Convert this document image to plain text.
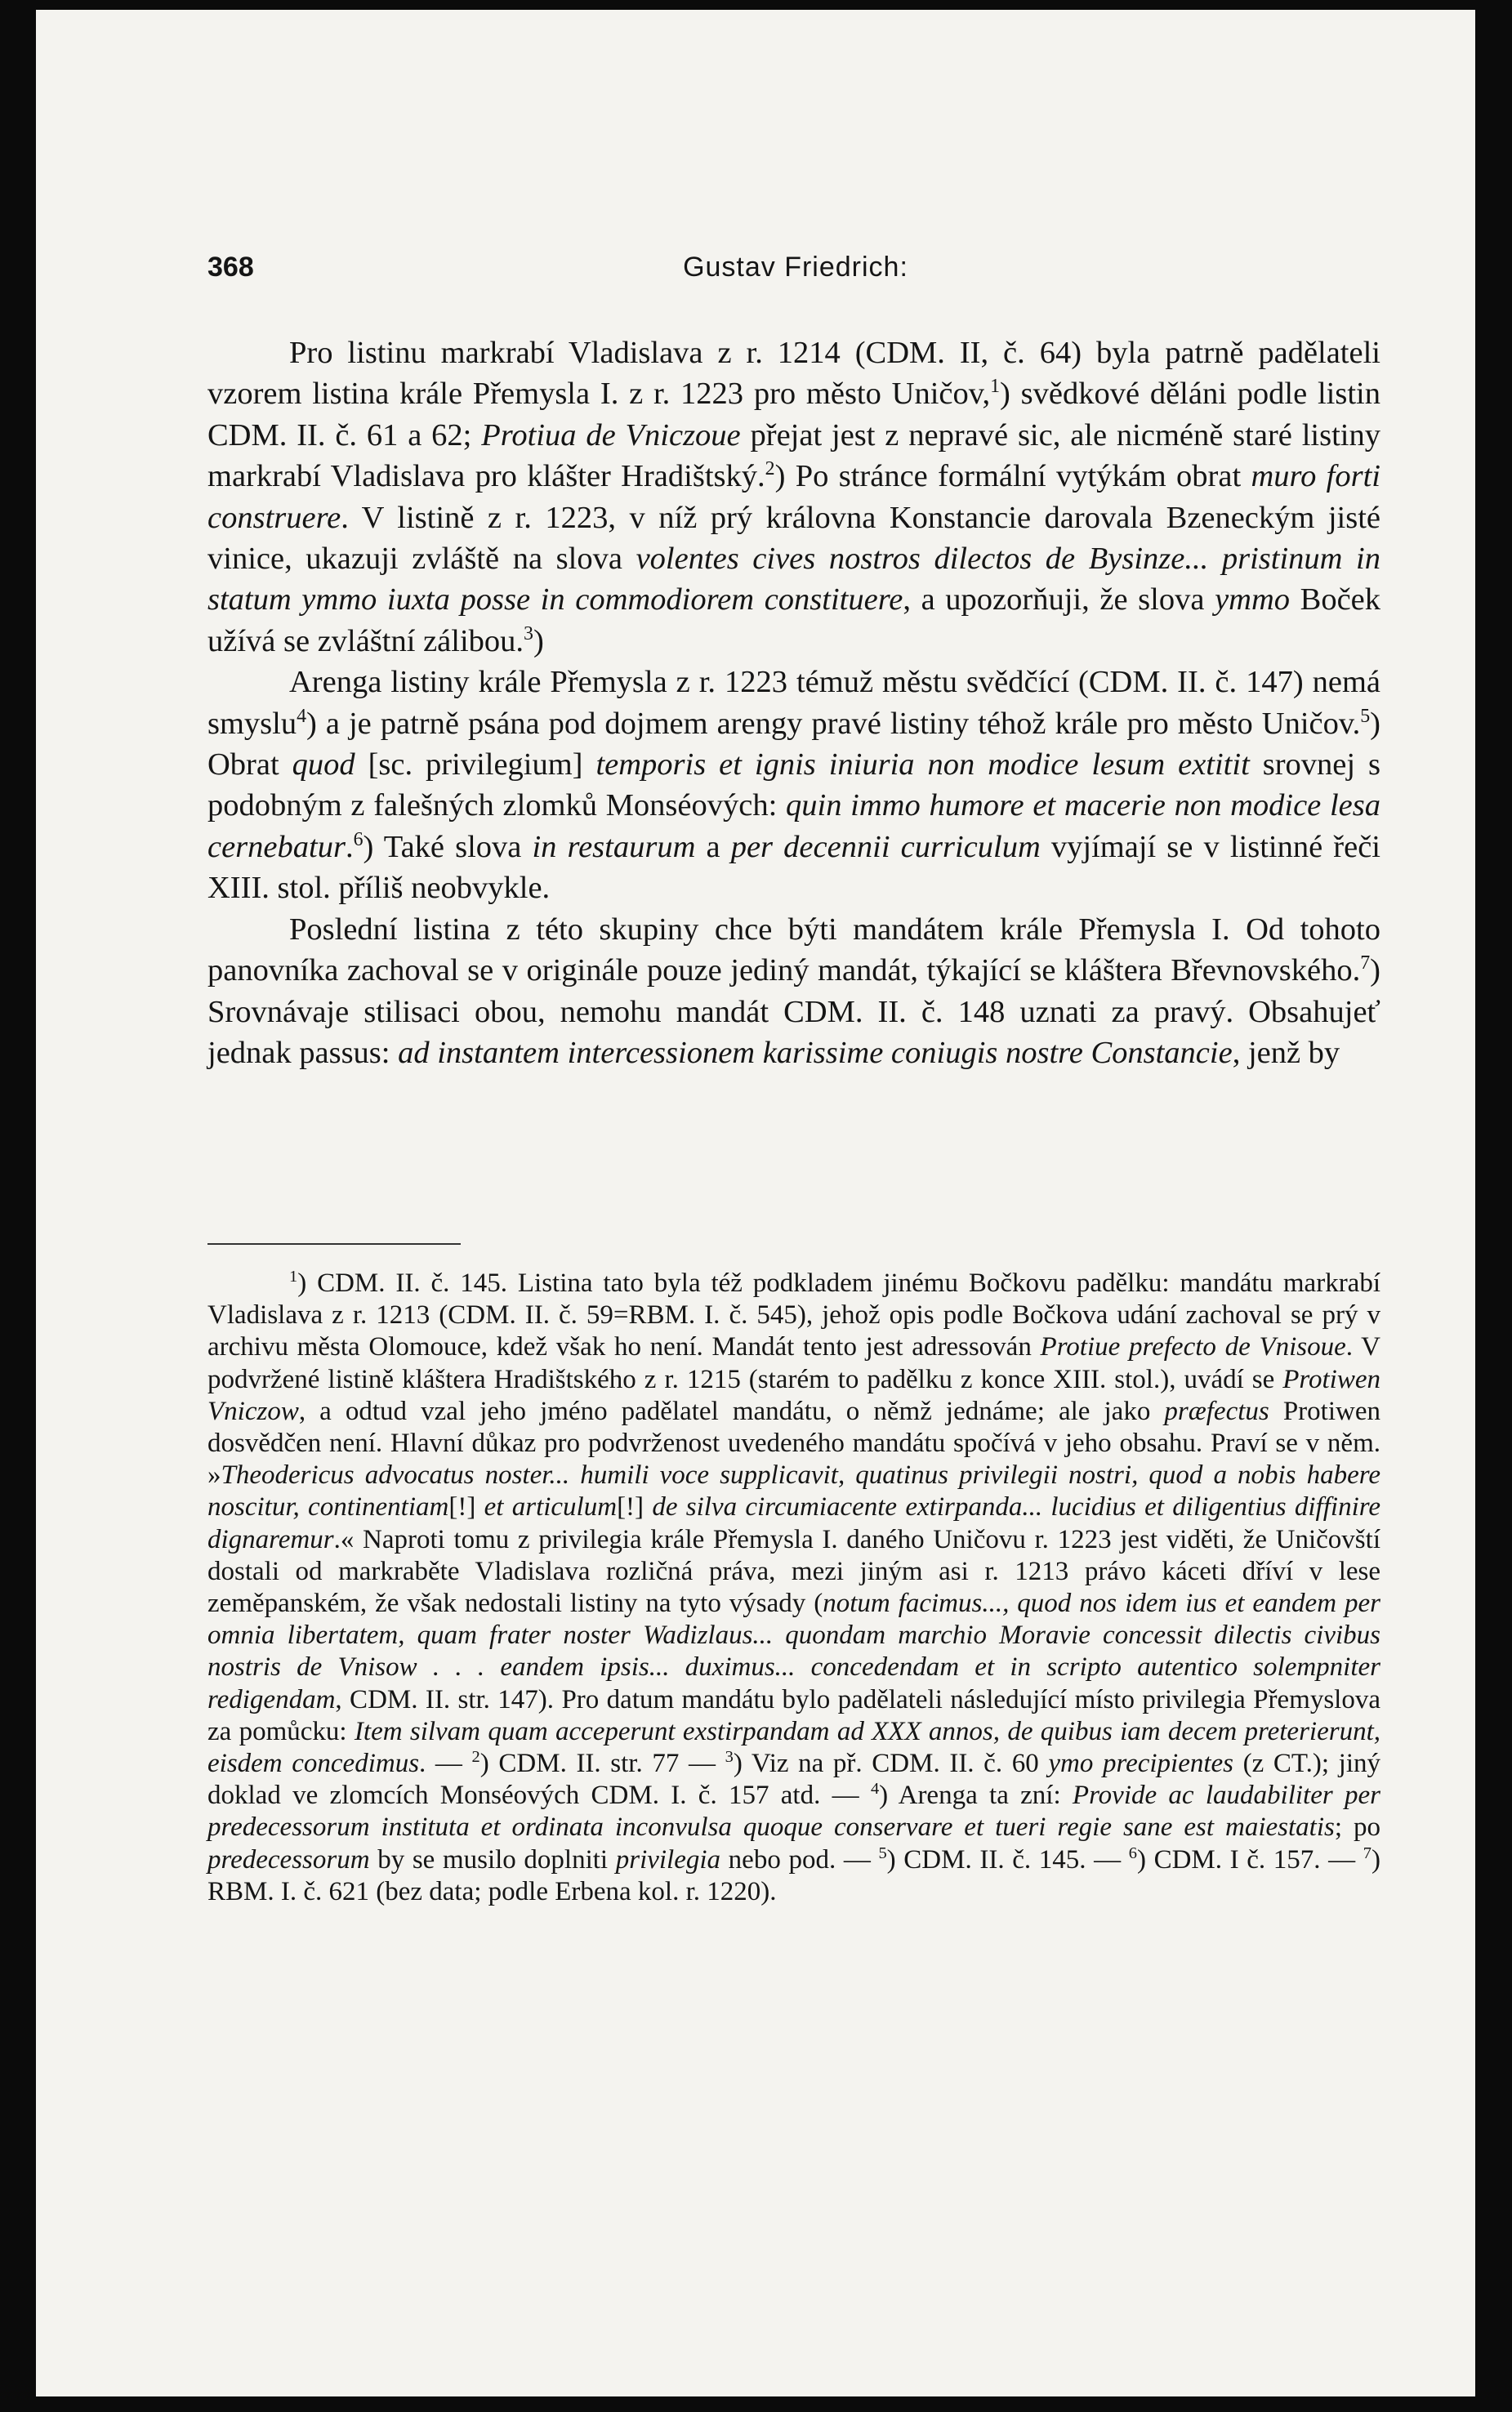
368	Gustav Friedrich:

Pro listinu markrabí Vladislava z r. 1214 (CDM. II, č. 64) byla patrně padělateli vzorem listina krále Přemysla I. z r. 1223 pro město Uničov,$^1$) svědkové děláni podle listin CDM. II. č. 61 a 62; Protiua de Vniczoue přejat jest z nepravé sic, ale nicméně staré listiny markrabí Vladislava pro klášter Hradištský.$^2$) Po stránce formální vytýkám obrat muro forti construere. V listině z r. 1223, v níž prý královna Konstancie darovala Bzeneckým jisté vinice, ukazuji zvláště na slova volentes cives nostros dilectos de Bysinze... pristinum in statum ymmo iuxta posse in commodiorem constituere, a upozorňuji, že slova ymmo Boček užívá se zvláštní zálibou.$^3$)

Arenga listiny krále Přemysla z r. 1223 témuž městu svědčící (CDM. II. č. 147) nemá smyslu$^4$) a je patrně psána pod dojmem arengy pravé listiny téhož krále pro město Uničov.$^5$) Obrat quod [sc. privilegium] temporis et ignis iniuria non modice lesum extitit srovnej s podobným z falešných zlomků Monséových: quin immo humore et macerie non modice lesa cernebatur.$^6$) Také slova in restaurum a per decennii curriculum vyjímají se v listinné řeči XIII. stol. příliš neobvykle.

Poslední listina z této skupiny chce býti mandátem krále Přemysla I. Od tohoto panovníka zachoval se v originále pouze jediný mandát, týkající se kláštera Břevnovského.$^7$) Srovnávaje stilisaci obou, nemohu mandát CDM. II. č. 148 uznati za pravý. Obsahujeť jednak passus: ad instantem intercessionem karissime coniugis nostre Constancie, jenž by

$^1$) CDM. II. č. 145. Listina tato byla též podkladem jinému Bočkovu padělku: mandátu markrabí Vladislava z r. 1213 (CDM. II. č. 59=RBM. I. č. 545), jehož opis podle Bočkova udání zachoval se prý v archivu města Olomouce, kdež však ho není. Mandát tento jest adressován Protiue prefecto de Vnisoue. V podvržené listině kláštera Hradištského z r. 1215 (starém to padělku z konce XIII. stol.), uvádí se Protiwen Vniczow, a odtud vzal jeho jméno padělatel mandátu, o němž jednáme; ale jako præfectus Protiwen dosvědčen není. Hlavní důkaz pro podvrženost uvedeného mandátu spočívá v jeho obsahu. Praví se v něm. »Theodericus advocatus noster... humili voce supplicavit, quatinus privilegii nostri, quod a nobis habere noscitur, continentiam[!] et articulum[!] de silva circumiacente extirpanda... lucidius et diligentius diffinire dignaremur.« Naproti tomu z privilegia krále Přemysla I. daného Uničovu r. 1223 jest viděti, že Uničovští dostali od markraběte Vladislava rozličná práva, mezi jiným asi r. 1213 právo káceti dříví v lese zeměpanském, že však nedostali listiny na tyto výsady (notum facimus..., quod nos idem ius et eandem per omnia libertatem, quam frater noster Wadizlaus... quondam marchio Moravie concessit dilectis civibus nostris de Vnisow . . . eandem ipsis... duximus... concedendam et in scripto autentico solempniter redigendam, CDM. II. str. 147). Pro datum mandátu bylo padělateli následující místo privilegia Přemyslova za pomůcku: Item silvam quam acceperunt exstirpandam ad XXX annos, de quibus iam decem preterierunt, eisdem concedimus. — $^2$) CDM. II. str. 77 — $^3$) Viz na př. CDM. II. č. 60 ymo precipientes (z CT.); jiný doklad ve zlomcích Monséových CDM. I. č. 157 atd. — $^4$) Arenga ta zní: Provide ac laudabiliter per predecessorum instituta et ordinata inconvulsa quoque conservare et tueri regie sane est maiestatis; po predecessorum by se musilo doplniti privilegia nebo pod. — $^5$) CDM. II. č. 145. — $^6$) CDM. I č. 157. — $^7$) RBM. I. č. 621 (bez data; podle Erbena kol. r. 1220).
